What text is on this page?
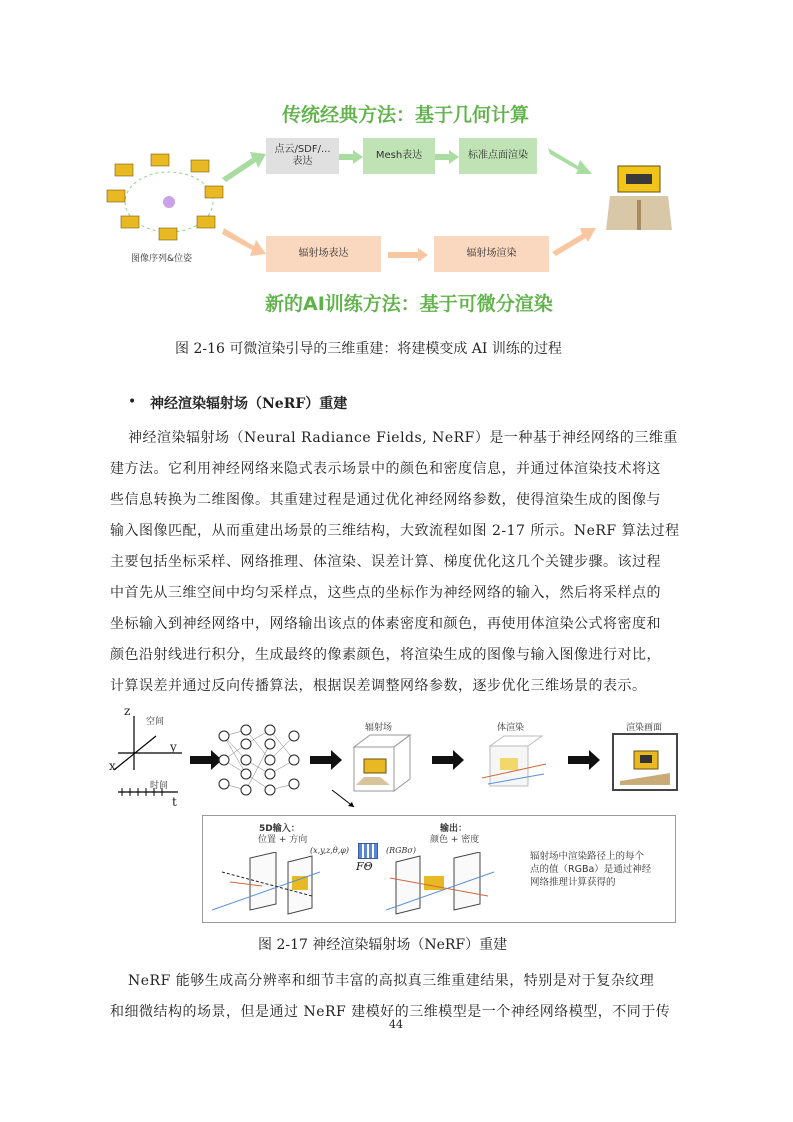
传统经典方法：基于几何计算
图像序列&位姿
点云/SDF/...
表达
Mesh表达	标准点面渲染
辐射场表达	辐射场渲染
新的AI训练方法：基于可微分渲染
图 2-16 可微渲染引导的三维重建：将建模变成 AI 训练的过程
• 神经渲染辐射场（NeRF）重建
神经渲染辐射场（Neural Radiance Fields, NeRF）是一种基于神经网络的三维重
建方法。它利用神经网络来隐式表示场景中的颜色和密度信息，并通过体渲染技术将这
些信息转换为二维图像。其重建过程是通过优化神经网络参数，使得渲染生成的图像与
输入图像匹配，从而重建出场景的三维结构，大致流程如图 2-17 所示。NeRF 算法过程
主要包括坐标采样、网络推理、体渲染、误差计算、梯度优化这几个关键步骤。该过程
中首先从三维空间中均匀采样点，这些点的坐标作为神经网络的输入，然后将采样点的
坐标输入到神经网络中，网络输出该点的体素密度和颜色，再使用体渲染公式将密度和
颜色沿射线进行积分，生成最终的像素颜色，将渲染生成的图像与输入图像进行对比，
计算误差并通过反向传播算法，根据误差调整网络参数，逐步优化三维场景的表示。
z
y
x
t
空间
时间
辐射场	体渲染	渲染画面
5D输入：
位置 + 方向
输出：
颜色 + 密度
(x,y,z,θ,φ)
FΘ
(RGBσ)
辐射场中渲染路径上的每个
点的值（RGBa）是通过神经
网络推理计算获得的
图 2-17 神经渲染辐射场（NeRF）重建
NeRF 能够生成高分辨率和细节丰富的高拟真三维重建结果，特别是对于复杂纹理
和细微结构的场景，但是通过 NeRF 建模好的三维模型是一个神经网络模型，不同于传
44
